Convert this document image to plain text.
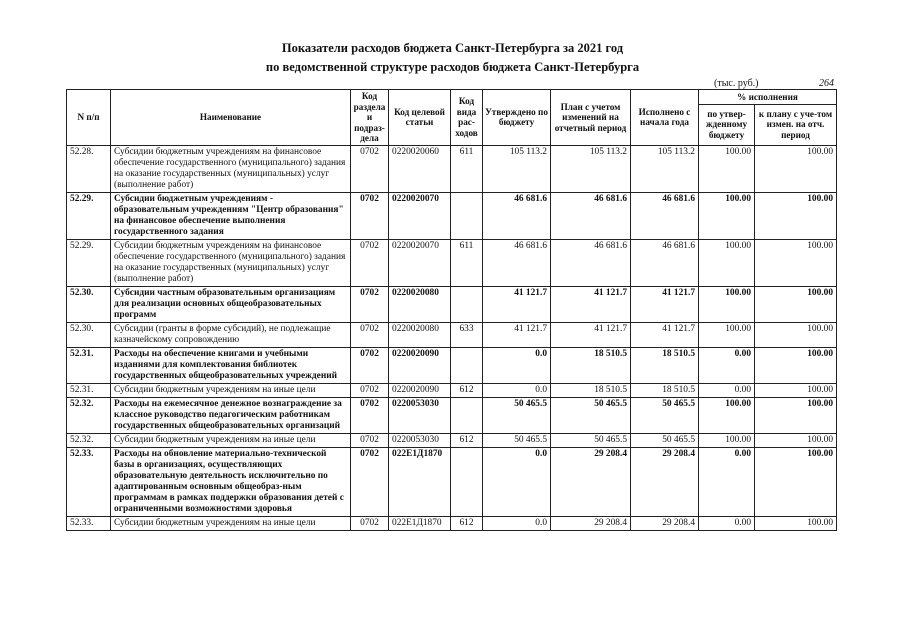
Показатели расходов бюджета Санкт-Петербурга за 2021 год
по ведомственной структуре расходов бюджета Санкт-Петербурга
(тыс. руб.)	264
N п/п	Наименование	Код раздела и подраз-дела	Код целевой статьи	Код вида рас-ходов	Утверждено по бюджету	План с учетом изменений на отчетный период	Исполнено с начала года	% исполнения	
								по утвер-жденному бюджету	к плану с уче-том измен. на отч. период
52.28.	Субсидии бюджетным учреждениям на финансовое обеспечение государственного (муниципального) задания на оказание государственных (муниципальных) услуг (выполнение работ)	0702	0220020060	611	105 113.2	105 113.2	105 113.2	100.00	100.00
52.29.	Субсидии бюджетным учреждениям - образовательным учреждениям "Центр образования" на финансовое обеспечение выполнения государственного задания	0702	0220020070		46 681.6	46 681.6	46 681.6	100.00	100.00
52.29.	Субсидии бюджетным учреждениям на финансовое обеспечение государственного (муниципального) задания на оказание государственных (муниципальных) услуг (выполнение работ)	0702	0220020070	611	46 681.6	46 681.6	46 681.6	100.00	100.00
52.30.	Субсидии частным образовательным организациям для реализации основных общеобразовательных программ	0702	0220020080		41 121.7	41 121.7	41 121.7	100.00	100.00
52.30.	Субсидии (гранты в форме субсидий), не подлежащие казначейскому сопровождению	0702	0220020080	633	41 121.7	41 121.7	41 121.7	100.00	100.00
52.31.	Расходы на обеспечение книгами и учебными изданиями для комплектования библиотек государственных общеобразовательных учреждений	0702	0220020090		0.0	18 510.5	18 510.5	0.00	100.00
52.31.	Субсидии бюджетным учреждениям на иные цели	0702	0220020090	612	0.0	18 510.5	18 510.5	0.00	100.00
52.32.	Расходы на ежемесячное денежное вознаграждение за классное руководство педагогическим работникам государственных общеобразовательных организаций	0702	0220053030		50 465.5	50 465.5	50 465.5	100.00	100.00
52.32.	Субсидии бюджетным учреждениям на иные цели	0702	0220053030	612	50 465.5	50 465.5	50 465.5	100.00	100.00
52.33.	Расходы на обновление материально-технической базы в организациях, осуществляющих образовательную деятельность исключительно по адаптированным основным общеобраз-ным программам в рамках поддержки образования детей с ограниченными возможностями здоровья	0702	022Е1Д1870		0.0	29 208.4	29 208.4	0.00	100.00
52.33.	Субсидии бюджетным учреждениям на иные цели	0702	022Е1Д1870	612	0.0	29 208.4	29 208.4	0.00	100.00
